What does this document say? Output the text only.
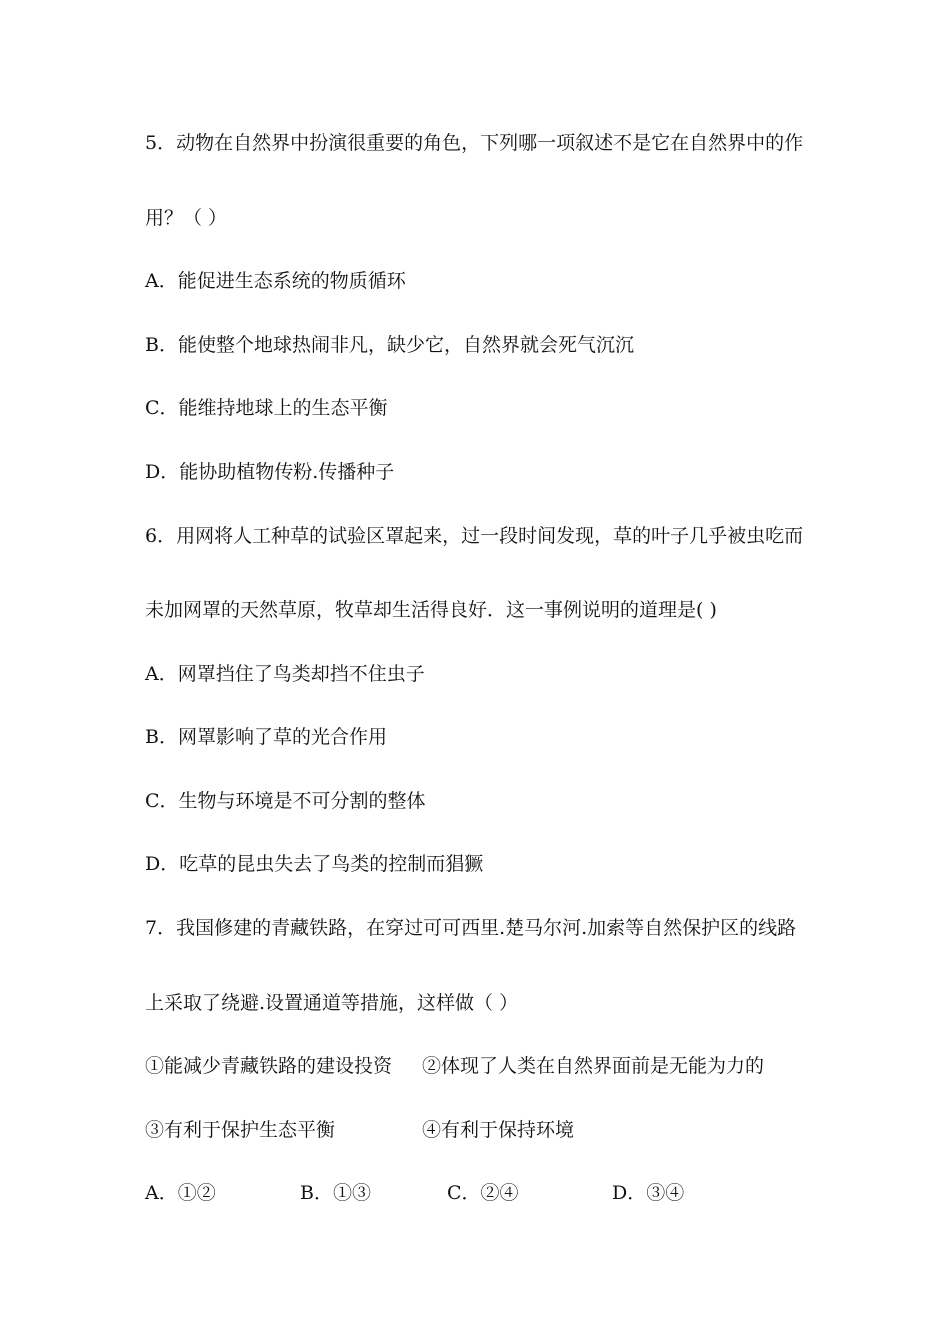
5．动物在自然界中扮演很重要的角色，下列哪一项叙述不是它在自然界中的作
用？（ ）
A．能促进生态系统的物质循环
B．能使整个地球热闹非凡，缺少它，自然界就会死气沉沉
C．能维持地球上的生态平衡
D．能协助植物传粉.传播种子
6．用网将人工种草的试验区罩起来，过一段时间发现，草的叶子几乎被虫吃而
未加网罩的天然草原，牧草却生活得良好．这一事例说明的道理是( )
A．网罩挡住了鸟类却挡不住虫子
B．网罩影响了草的光合作用
C．生物与环境是不可分割的整体
D．吃草的昆虫失去了鸟类的控制而猖獗
7．我国修建的青藏铁路，在穿过可可西里.楚马尔河.加索等自然保护区的线路
上采取了绕避.设置通道等措施，这样做（ ）
①能减少青藏铁路的建设投资 ②体现了人类在自然界面前是无能为力的
③有利于保护生态平衡	④有利于保持环境
A．①②	B．①③	C．②④	D．③④
